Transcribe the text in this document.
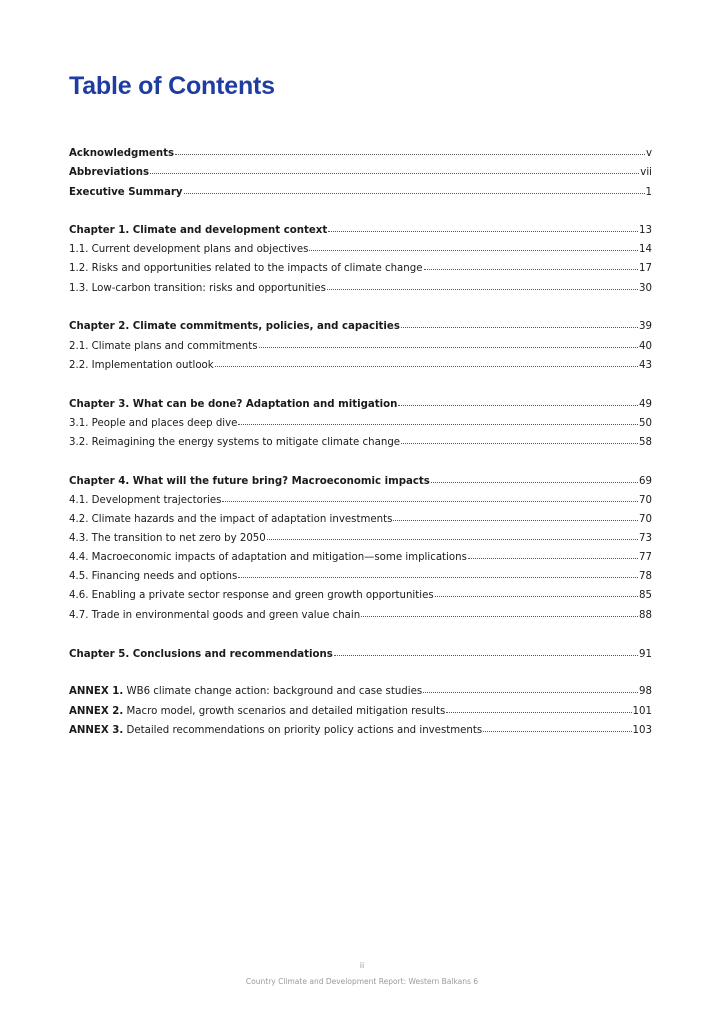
Table of Contents
Acknowledgments	v
Abbreviations	vii
Executive Summary	1
Chapter 1. Climate and development context	13
1.1. Current development plans and objectives	14
1.2. Risks and opportunities related to the impacts of climate change	17
1.3. Low-carbon transition: risks and opportunities	30
Chapter 2. Climate commitments, policies, and capacities	39
2.1. Climate plans and commitments	40
2.2. Implementation outlook	43
Chapter 3. What can be done? Adaptation and mitigation	49
3.1. People and places deep dive	50
3.2. Reimagining the energy systems to mitigate climate change	58
Chapter 4. What will the future bring? Macroeconomic impacts	69
4.1. Development trajectories	70
4.2. Climate hazards and the impact of adaptation investments	70
4.3. The transition to net zero by 2050	73
4.4. Macroeconomic impacts of adaptation and mitigation—some implications	77
4.5. Financing needs and options	78
4.6. Enabling a private sector response and green growth opportunities	85
4.7. Trade in environmental goods and green value chain	88
Chapter 5. Conclusions and recommendations	91
ANNEX 1. WB6 climate change action: background and case studies	98
ANNEX 2. Macro model, growth scenarios and detailed mitigation results	101
ANNEX 3. Detailed recommendations on priority policy actions and investments	103
ii
Country Climate and Development Report: Western Balkans 6
